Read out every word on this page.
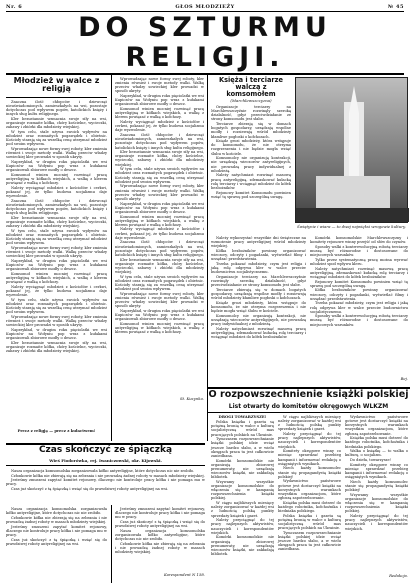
Nr. 6	GŁOS MŁODZIEŻY	№ 45
DO SZTURMU RELIGJI.
Młodzież w walce z religją

Znaczna ilość chłopców i dziewcząt nieuświadomionych, zamieszkałych na wsi, pozostaje dotychczas pod wpływem popów, katolickich księży i innych sług kultu religijnego.

Kler bezustannie wzmacnia swoje siły na wsi, organizuje rozmaite kółka, chóry kościelne, wycieczki, zabawy i zbiórki dla młodzieży wiejskiej.

W tym celu, stale używa swoich wpływów na młodzież oraz rozmaitych pogawędek i obietnic. Kościoły starają się za wszelką cenę utrzymać młodzież pod swoim wpływem.

Wprowadzając nowe formy swej roboty, kler zmienia również i swoje metody walki. Walkę przeciw władzy sowieckiej kler prowadzi w sposób ukryty.

Naprzykład, w drugim roku pięciolatki we wsi Kupiczów na Wołyniu pop wraz z kułakami organizowali zbiorowe modły o deszcz.

Komsomoł winien mocniej rozwinąć pracę antyreligijną w kółkach wiejskich, a walkę z klerem powiązać z walką o kołchozy.

Należy wyciągnąć młodzież z kościołów i cerkwi, pokazać jej, że tylko budowa socjalizmu daje wyzwolenie.

Znaczna ilość chłopców i dziewcząt nieuświadomionych, zamieszkałych na wsi, pozostaje dotychczas pod wpływem popów, katolickich księży i innych sług kultu religijnego.

Kler bezustannie wzmacnia swoje siły na wsi, organizuje rozmaite kółka, chóry kościelne, wycieczki, zabawy i zbiórki dla młodzieży wiejskiej.

W tym celu, stale używa swoich wpływów na młodzież oraz rozmaitych pogawędek i obietnic. Kościoły starają się za wszelką cenę utrzymać młodzież pod swoim wpływem.

Wprowadzając nowe formy swej roboty, kler zmienia również i swoje metody walki. Walkę przeciw władzy sowieckiej kler prowadzi w sposób ukryty.

Naprzykład, w drugim roku pięciolatki we wsi Kupiczów na Wołyniu pop wraz z kułakami organizowali zbiorowe modły o deszcz.

Komsomoł winien mocniej rozwinąć pracę antyreligijną w kółkach wiejskich, a walkę z klerem powiązać z walką o kołchozy.

Należy wyciągnąć młodzież z kościołów i cerkwi, pokazać jej, że tylko budowa socjalizmu daje wyzwolenie.

W tym celu, stale używa swoich wpływów na młodzież oraz rozmaitych pogawędek i obietnic. Kościoły starają się za wszelką cenę utrzymać młodzież pod swoim wpływem.

Wprowadzając nowe formy swej roboty, kler zmienia również i swoje metody walki. Walkę przeciw władzy sowieckiej kler prowadzi w sposób ukryty.

Naprzykład, w drugim roku pięciolatki we wsi Kupiczów na Wołyniu pop wraz z kułakami organizowali zbiorowe modły o deszcz.

Kler bezustannie wzmacnia swoje siły na wsi, organizuje rozmaite kółka, chóry kościelne, wycieczki, zabawy i zbiórki dla młodzieży wiejskiej.

Precz z religją — precz z kułactwem!

Wprowadzając nowe formy swej roboty, kler zmienia również i swoje metody walki. Walkę przeciw władzy sowieckiej kler prowadzi w sposób ukryty.

Naprzykład, w drugim roku pięciolatki we wsi Kupiczów na Wołyniu pop wraz z kułakami organizowali zbiorowe modły o deszcz.

Komsomoł winien mocniej rozwinąć pracę antyreligijną w kółkach wiejskich, a walkę z klerem powiązać z walką o kołchozy.

Należy wyciągnąć młodzież z kościołów i cerkwi, pokazać jej, że tylko budowa socjalizmu daje wyzwolenie.

Znaczna ilość chłopców i dziewcząt nieuświadomionych, zamieszkałych na wsi, pozostaje dotychczas pod wpływem popów, katolickich księży i innych sług kultu religijnego.

Kler bezustannie wzmacnia swoje siły na wsi, organizuje rozmaite kółka, chóry kościelne, wycieczki, zabawy i zbiórki dla młodzieży wiejskiej.

W tym celu, stale używa swoich wpływów na młodzież oraz rozmaitych pogawędek i obietnic. Kościoły starają się za wszelką cenę utrzymać młodzież pod swoim wpływem.

Wprowadzając nowe formy swej roboty, kler zmienia również i swoje metody walki. Walkę przeciw władzy sowieckiej kler prowadzi w sposób ukryty.

Naprzykład, w drugim roku pięciolatki we wsi Kupiczów na Wołyniu pop wraz z kułakami organizowali zbiorowe modły o deszcz.

Komsomoł winien mocniej rozwinąć pracę antyreligijną w kółkach wiejskich, a walkę z klerem powiązać z walką o kołchozy.

Należy wyciągnąć młodzież z kościołów i cerkwi, pokazać jej, że tylko budowa socjalizmu daje wyzwolenie.

Znaczna ilość chłopców i dziewcząt nieuświadomionych, zamieszkałych na wsi, pozostaje dotychczas pod wpływem popów, katolickich księży i innych sług kultu religijnego.

Kler bezustannie wzmacnia swoje siły na wsi, organizuje rozmaite kółka, chóry kościelne, wycieczki, zabawy i zbiórki dla młodzieży wiejskiej.

W tym celu, stale używa swoich wpływów na młodzież oraz rozmaitych pogawędek i obietnic. Kościoły starają się za wszelką cenę utrzymać młodzież pod swoim wpływem.

Wprowadzając nowe formy swej roboty, kler zmienia również i swoje metody walki. Walkę przeciw władzy sowieckiej kler prowadzi w sposób ukryty.

Naprzykład, w drugim roku pięciolatki we wsi Kupiczów na Wołyniu pop wraz z kułakami organizowali zbiorowe modły o deszcz.

Komsomoł winien mocniej rozwinąć pracę antyreligijną w kółkach wiejskich, a walkę z klerem powiązać z walką o kołchozy.

St. Kuzynko.
Księża i terciarze walczą z komsomołem
(Marchlewszczyzna)

Organizacje terciarzy na Marchlewszczyźnie rozwinęły szeroką działalność, gdyż przeciwdziałanie ze strony komsomołu jest słabe.

Terciarze zbierają się w domach bogatych gospodarzy, urządzają wspólne modły i rozsiewają wśród młodzieży kłamliwe pogłoski o kołchozach.

Ksiądz grozi młodzieży, która wstępuje do komsomołu, że nie otrzyma rozgrzeszenia i nie będzie mogła wziąć ślubu w kościele.

Komsomolcy nie organizują kontrakcji, nie urządzają wieczorów antyreligijnych, nie prowadzą pracy indywidualnej z młodzieżą.

Należy natychmiast rozwinąć masową pracę antyreligijną, zdemaskować kułacką rolę terciarzy i wciągnąć młodzież do kółek bezbożników.

Rejonowy komitet Komsomołu powinien wziąć tę sprawę pod szczególną uwagę.

Świątynie i wiara — to dwaj najwięksi wrogowie kultury.

Należy wykorzystać wszystkie dni świąteczne na wzmożenie pracy antyreligijnej wśród młodzieży wiejskiej.

Kółka bezbożników powinny organizować wieczory, odczyty i pogadanki, wyświetlać filmy i urządzać przedstawienia.

Trzeba pokazać młodzieży, czym jest religja i jaką rolę odgrywa kler w walce przeciw budownictwu socjalistycznemu.

Organizacje terciarzy na Marchlewszczyźnie rozwinęły szeroką działalność, gdyż przeciwdziałanie ze strony komsomołu jest słabe.

Terciarze zbierają się w domach bogatych gospodarzy, urządzają wspólne modły i rozsiewają wśród młodzieży kłamliwe pogłoski o kołchozach.

Ksiądz grozi młodzieży, która wstępuje do komsomołu, że nie otrzyma rozgrzeszenia i nie będzie mogła wziąć ślubu w kościele.

Komsomolcy nie organizują kontrakcji, nie urządzają wieczorów antyreligijnych, nie prowadzą pracy indywidualnej z młodzieżą.

Należy natychmiast rozwinąć masową pracę antyreligijną, zdemaskować kułacką rolę terciarzy i wciągnąć młodzież do kółek bezbożników.

Komórki komsomolskie Marchlewszczyzny i komitety rejonowe winny przejść od słów do czynów.

Sposoby walki z kontrrewolucyjną robotą terciarzy muszą być różnorodne i dostosowane do miejscowych warunków.

Tylko przez systematyczną pracę można wyrwać młodzież spod wpływu kleru.

Należy natychmiast rozwinąć masową pracę antyreligijną, zdemaskować kułacką rolę terciarzy i wciągnąć młodzież do kółek bezbożników.

Rejonowy komitet Komsomołu powinien wziąć tę sprawę pod szczególną uwagę.

Kółka bezbożników powinny organizować wieczory, odczyty i pogadanki, wyświetlać filmy i urządzać przedstawienia.

Trzeba pokazać młodzieży, czym jest religja i jaką rolę odgrywa kler w walce przeciw budownictwu socjalistycznemu.

Sposoby walki z kontrrewolucyjną robotą terciarzy muszą być różnorodne i dostosowane do miejscowych warunków.

Bej.
O rozpowszechnienie książki polskiej
List otwarty do komitetów okręgowych WLKZM
DROGI TOWARZYSZE!

Polska książka i gazeta są potężną bronią w walce o kulturę socjalistyczną wśród mas pracujących polskich na Ukrainie.

Tymczasem rozpowszechnianie książki polskiej idzie wciąż jeszcze bardzo słabo, a w wielu okręgach praca ta jest całkowicie zaniedbana.

Komórki komsomolskie nie organizują zbiorowej prenumeraty, nie urządzają wieczorów książki, nie zakładają bibliotek.

Wzywamy wszystkie organizacje komsomolskie do włączenia się w kampanię rozpowszechnienia książki polskiej.

W ciągu najbliższych miesięcy należy zorganizować w każdej wsi z ludnością polską punkty sprzedaży książek i gazet.

Należy przyciągnąć do tej pracy najlepszych aktywistów, nauczycieli i korespondentów wiejskich.

Komórki komsomolskie nie organizują zbiorowej prenumeraty, nie urządzają wieczorów książki, nie zakładają bibliotek.

W ciągu najbliższych miesięcy należy zorganizować w każdej wsi z ludnością polską punkty sprzedaży książek i gazet.

Należy przyciągnąć do tej pracy najlepszych aktywistów, nauczycieli i korespondentów wiejskich.

Komitety okręgowe winny co miesiąc sprawdzać przebieg kampanii i informować redakcję o osiągniętych wynikach.

Niech każdy komsomolec stanie się propagandystą książki polskiej!

Wydawnictwo państwowe gotowe jest dostarczyć książki na korzystnych warunkach wszystkim organizacjom, które zgłoszą zapotrzebowanie.

Książka polska musi dotrzeć do każdego robotnika, kołchoźnika i biedniaka polskiego.

Polska książka i gazeta są potężną bronią w walce o kulturę socjalistyczną wśród mas pracujących polskich na Ukrainie.

Tymczasem rozpowszechnianie książki polskiej idzie wciąż jeszcze bardzo słabo, a w wielu okręgach praca ta jest całkowicie zaniedbana.

Wydawnictwo państwowe gotowe jest dostarczyć książki na korzystnych warunkach wszystkim organizacjom, które zgłoszą zapotrzebowanie.

Książka polska musi dotrzeć do każdego robotnika, kołchoźnika i biedniaka polskiego.

Walka o książkę — to walka o kulturę, o socjalizm.

Do dzieła, towarzysze!

Komitety okręgowe winny co miesiąc sprawdzać przebieg kampanii i informować redakcję o osiągniętych wynikach.

Niech każdy komsomolec stanie się propagandystą książki polskiej!

Wzywamy wszystkie organizacje komsomolskie do włączenia się w kampanię rozpowszechnienia książki polskiej.

Należy przyciągnąć do tej pracy najlepszych aktywistów, nauczycieli i korespondentów wiejskich.

Redakcja.
Czas skończyć ze śpiączką
Wieś Fiodorówka, rej. Iwaniczowski, okr. Kijowski.

Nasza organizacja komsomolska zorganizowała kółko antyreligijne, które dotychczas nic nie zrobiło.

Członkowie kółka nie zbierają się na zebrania i nie prowadzą żadnej roboty w masach młodzieży wiejskiej.

Jesteśmy zmuszeni zapytać komitet rejonowy, dlaczego nie kontroluje pracy kółka i nie pomaga mu w pracy.

Czas już skończyć z tą śpiączką i wziąć się do prawdziwej roboty antyreligijnej na wsi.

Nasza organizacja komsomolska zorganizowała kółko antyreligijne, które dotychczas nic nie zrobiło.

Członkowie kółka nie zbierają się na zebrania i nie prowadzą żadnej roboty w masach młodzieży wiejskiej.

Jesteśmy zmuszeni zapytać komitet rejonowy, dlaczego nie kontroluje pracy kółka i nie pomaga mu w pracy.

Czas już skończyć z tą śpiączką i wziąć się do prawdziwej roboty antyreligijnej na wsi.

Jesteśmy zmuszeni zapytać komitet rejonowy, dlaczego nie kontroluje pracy kółka i nie pomaga mu w pracy.

Czas już skończyć z tą śpiączką i wziąć się do prawdziwej roboty antyreligijnej na wsi.

Nasza organizacja komsomolska zorganizowała kółko antyreligijne, które dotychczas nic nie zrobiło.

Członkowie kółka nie zbierają się na zebrania i nie prowadzą żadnej roboty w masach młodzieży wiejskiej.

Korespondent N 158.
